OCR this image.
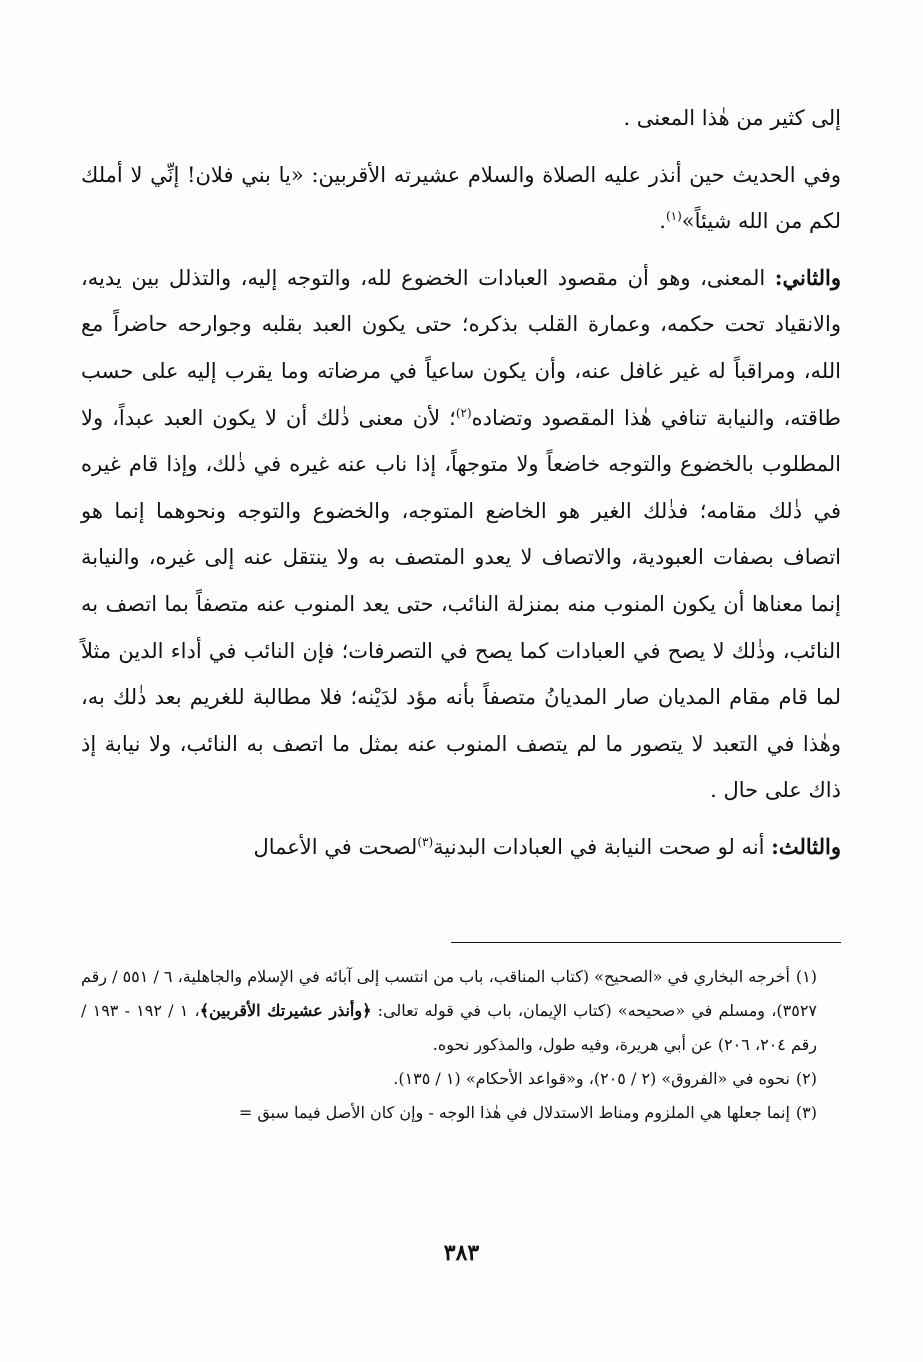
إلى كثير من هٰذا المعنى .

وفي الحديث حين أنذر عليه الصلاة والسلام عشيرته الأقربين: «يا بني فلان! إنِّي لا أملك لكم من الله شيئاً»$^{(١)}$.

والثاني: المعنى، وهو أن مقصود العبادات الخضوع لله، والتوجه إليه، والتذلل بين يديه، والانقياد تحت حكمه، وعمارة القلب بذكره؛ حتى يكون العبد بقلبه وجوارحه حاضراً مع الله، ومراقباً له غير غافل عنه، وأن يكون ساعياً في مرضاته وما يقرب إليه على حسب طاقته، والنيابة تنافي هٰذا المقصود وتضاده$^{(٢)}$؛ لأن معنى ذٰلك أن لا يكون العبد عبداً، ولا المطلوب بالخضوع والتوجه خاضعاً ولا متوجهاً، إذا ناب عنه غيره في ذٰلك، وإذا قام غيره في ذٰلك مقامه؛ فذٰلك الغير هو الخاضع المتوجه، والخضوع والتوجه ونحوهما إنما هو اتصاف بصفات العبودية، والاتصاف لا يعدو المتصف به ولا ينتقل عنه إلى غيره، والنيابة إنما معناها أن يكون المنوب منه بمنزلة النائب، حتى يعد المنوب عنه متصفاً بما اتصف به النائب، وذٰلك لا يصح في العبادات كما يصح في التصرفات؛ فإن النائب في أداء الدين مثلاً لما قام مقام المديان صار المديانُ متصفاً بأنه مؤد لدَيْنه؛ فلا مطالبة للغريم بعد ذٰلك به، وهٰذا في التعبد لا يتصور ما لم يتصف المنوب عنه بمثل ما اتصف به النائب، ولا نيابة إذ ذاك على حال .

والثالث: أنه لو صحت النيابة في العبادات البدنية$^{(٣)}$لصحت في الأعمال

(١)أخرجه البخاري في «الصحيح» (كتاب المناقب، باب من انتسب إلى آبائه في الإسلام والجاهلية، ٦ / ٥٥١ / رقم ٣٥٢٧)، ومسلم في «صحيحه» (كتاب الإيمان، باب في قوله تعالى: ﴿وأنذر عشيرتك الأقربين﴾، ١ / ١٩٢ - ١٩٣ / رقم ٢٠٤، ٢٠٦) عن أبي هريرة، وفيه طول، والمذكور نحوه.

(٢)نحوه في «الفروق» (٢ / ٢٠٥)، و«قواعد الأحكام» (١ / ١٣٥).

(٣)إنما جعلها هي الملزوم ومناط الاستدلال في هٰذا الوجه - وإن كان الأصل فيما سبق =

٣٨٣
